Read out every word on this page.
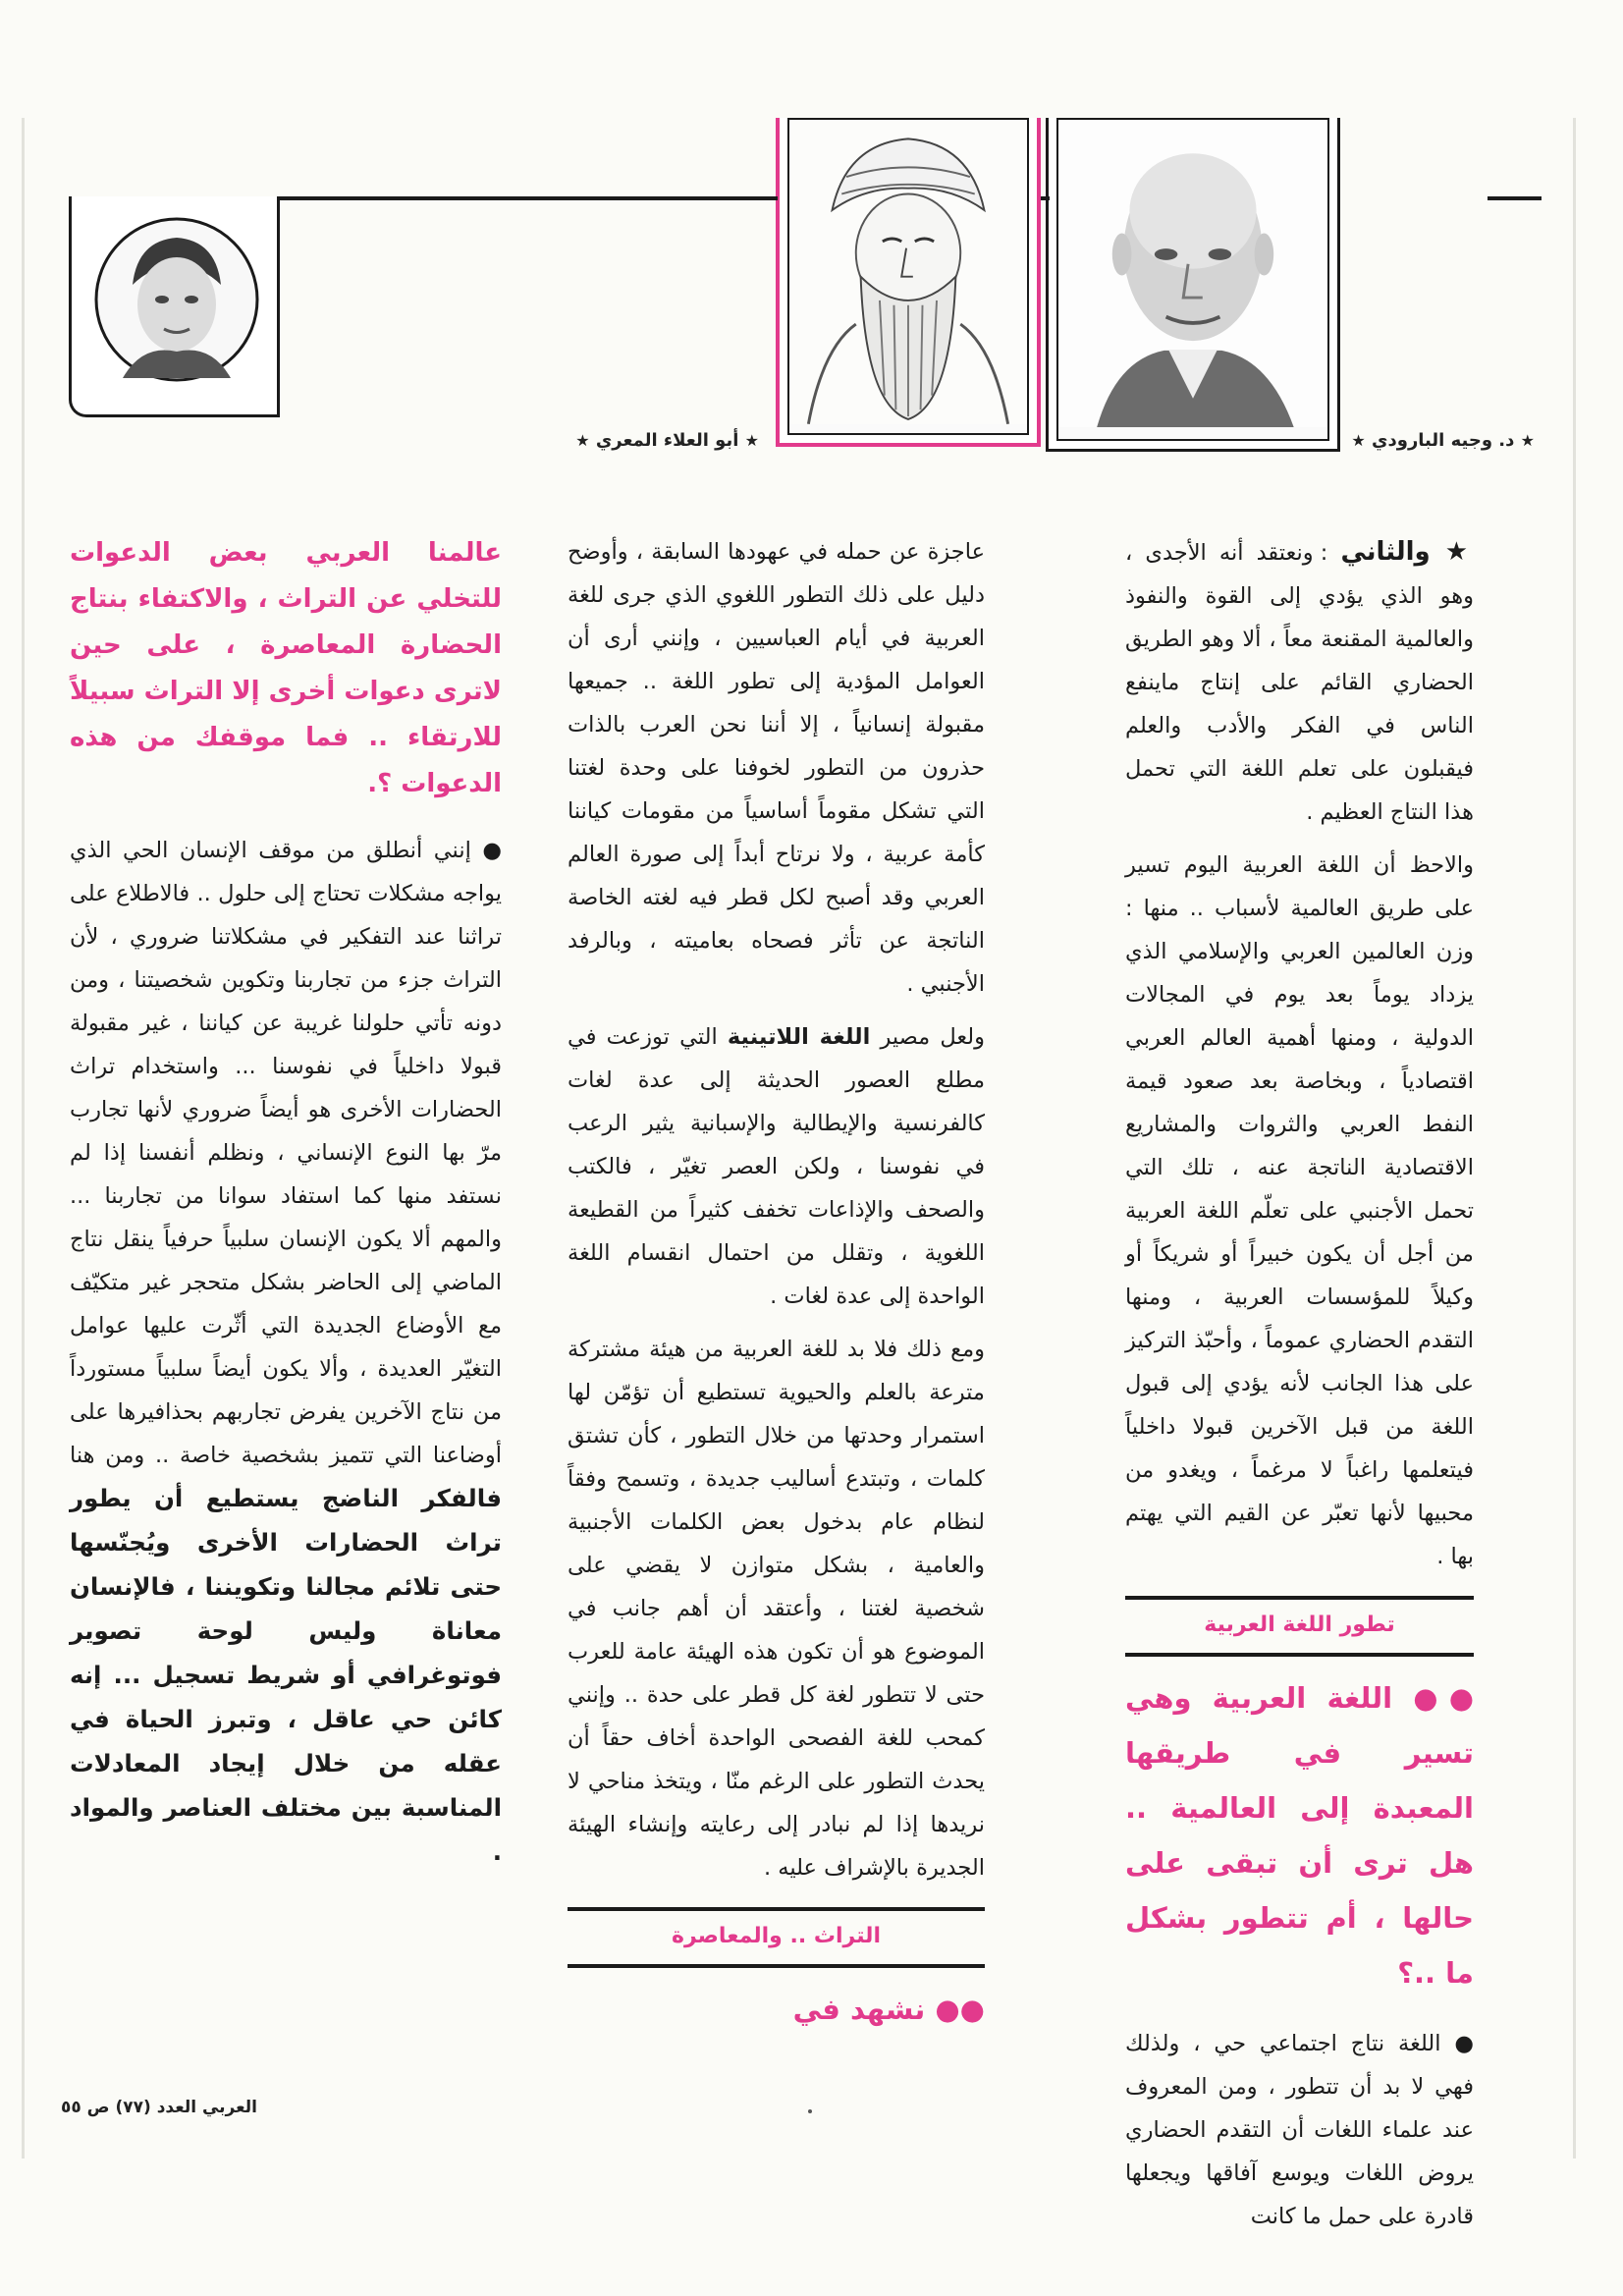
★ د. وجيه البارودي ★
★ أبو العلاء المعري ★

★ والثاني : ونعتقد أنه الأجدى ، وهو الذي يؤدي إلى القوة والنفوذ والعالمية المقنعة معاً ، ألا وهو الطريق الحضاري القائم على إنتاج ماينفع الناس في الفكر والأدب والعلم فيقبلون على تعلم اللغة التي تحمل هذا النتاج العظيم .

والاحظ أن اللغة العربية اليوم تسير على طريق العالمية لأسباب .. منها : وزن العالمين العربي والإسلامي الذي يزداد يوماً بعد يوم في المجالات الدولية ، ومنها أهمية العالم العربي اقتصادياً ، وبخاصة بعد صعود قيمة النفط العربي والثروات والمشاريع الاقتصادية الناتجة عنه ، تلك التي تحمل الأجنبي على تعلّم اللغة العربية من أجل أن يكون خبيراً أو شريكاً أو وكيلاً للمؤسسات العربية ، ومنها التقدم الحضاري عموماً ، وأحبّذ التركيز على هذا الجانب لأنه يؤدي إلى قبول اللغة من قبل الآخرين قبولا داخلياً فيتعلمها راغباً لا مرغماً ، ويغدو من محبيها لأنها تعبّر عن القيم التي يهتم بها .

تطور اللغة العربية
●● اللغة العربية وهي تسير في طريقها المعبدة إلى العالمية .. هل ترى أن تبقى على حالها ، أم تتطور بشكل ما ..؟

● اللغة نتاج اجتماعي حي ، ولذلك فهي لا بد أن تتطور ، ومن المعروف عند علماء اللغات أن التقدم الحضاري يروض اللغات ويوسع آفاقها ويجعلها قادرة على حمل ما كانت

عاجزة عن حمله في عهودها السابقة ، وأوضح دليل على ذلك التطور اللغوي الذي جرى للغة العربية في أيام العباسيين ، وإنني أرى أن العوامل المؤدية إلى تطور اللغة .. جميعها مقبولة إنسانياً ، إلا أننا نحن العرب بالذات حذرون من التطور لخوفنا على وحدة لغتنا التي تشكل مقوماً أساسياً من مقومات كياننا كأمة عربية ، ولا نرتاح أبداً إلى صورة العالم العربي وقد أصبح لكل قطر فيه لغته الخاصة الناتجة عن تأثر فصحاه بعاميته ، وبالرفد الأجنبي .

ولعل مصير اللغة اللاتينية التي توزعت في مطلع العصور الحديثة إلى عدة لغات كالفرنسية والإيطالية والإسبانية يثير الرعب في نفوسنا ، ولكن العصر تغيّر ، فالكتب والصحف والإذاعات تخفف كثيراً من القطيعة اللغوية ، وتقلل من احتمال انقسام اللغة الواحدة إلى عدة لغات .

ومع ذلك فلا بد للغة العربية من هيئة مشتركة مترعة بالعلم والحيوية تستطيع أن تؤمّن لها استمرار وحدتها من خلال التطور ، كأن تشتق كلمات ، وتبتدع أساليب جديدة ، وتسمح وفقاً لنظام عام بدخول بعض الكلمات الأجنبية والعامية ، بشكل متوازن لا يقضي على شخصية لغتنا ، وأعتقد أن أهم جانب في الموضوع هو أن تكون هذه الهيئة عامة للعرب حتى لا تتطور لغة كل قطر على حدة .. وإنني كمحب للغة الفصحى الواحدة أخاف حقاً أن يحدث التطور على الرغم منّا ، ويتخذ مناحي لا نريدها إذا لم نبادر إلى رعايته وإنشاء الهيئة الجديرة بالإشراف عليه .

التراث .. والمعاصرة
●● نشهد في
عالمنا العربي بعض الدعوات للتخلي عن التراث ، والاكتفاء بنتاج الحضارة المعاصرة ، على حين لاترى دعوات أخرى إلا التراث سبيلاً للارتقاء .. فما موقفك من هذه الدعوات ؟.

● إنني أنطلق من موقف الإنسان الحي الذي يواجه مشكلات تحتاج إلى حلول .. فالاطلاع على تراثنا عند التفكير في مشكلاتنا ضروري ، لأن التراث جزء من تجاربنا وتكوين شخصيتنا ، ومن دونه تأتي حلولنا غريبة عن كياننا ، غير مقبولة قبولا داخلياً في نفوسنا ... واستخدام تراث الحضارات الأخرى هو أيضاً ضروري لأنها تجارب مرّ بها النوع الإنساني ، ونظلم أنفسنا إذا لم نستفد منها كما استفاد سوانا من تجاربنا ... والمهم ألا يكون الإنسان سلبياً حرفياً ينقل نتاج الماضي إلى الحاضر بشكل متحجر غير متكيّف مع الأوضاع الجديدة التي أثّرت عليها عوامل التغيّر العديدة ، وألا يكون أيضاً سلبياً مستورداً من نتاج الآخرين يفرض تجاربهم بحذافيرها على أوضاعنا التي تتميز بشخصية خاصة .. ومن هنا فالفكر الناضج يستطيع أن يطور تراث الحضارات الأخرى ويُجنّسها حتى تلائم مجالنا وتكويننا ، فالإنسان معاناة وليس لوحة تصوير فوتوغرافي أو شريط تسجيل ... إنه كائن حي عاقل ، وتبرز الحياة في عقله من خلال إيجاد المعادلات المناسبة بين مختلف العناصر والمواد .

العربي العدد (٧٧) ص ٥٥
